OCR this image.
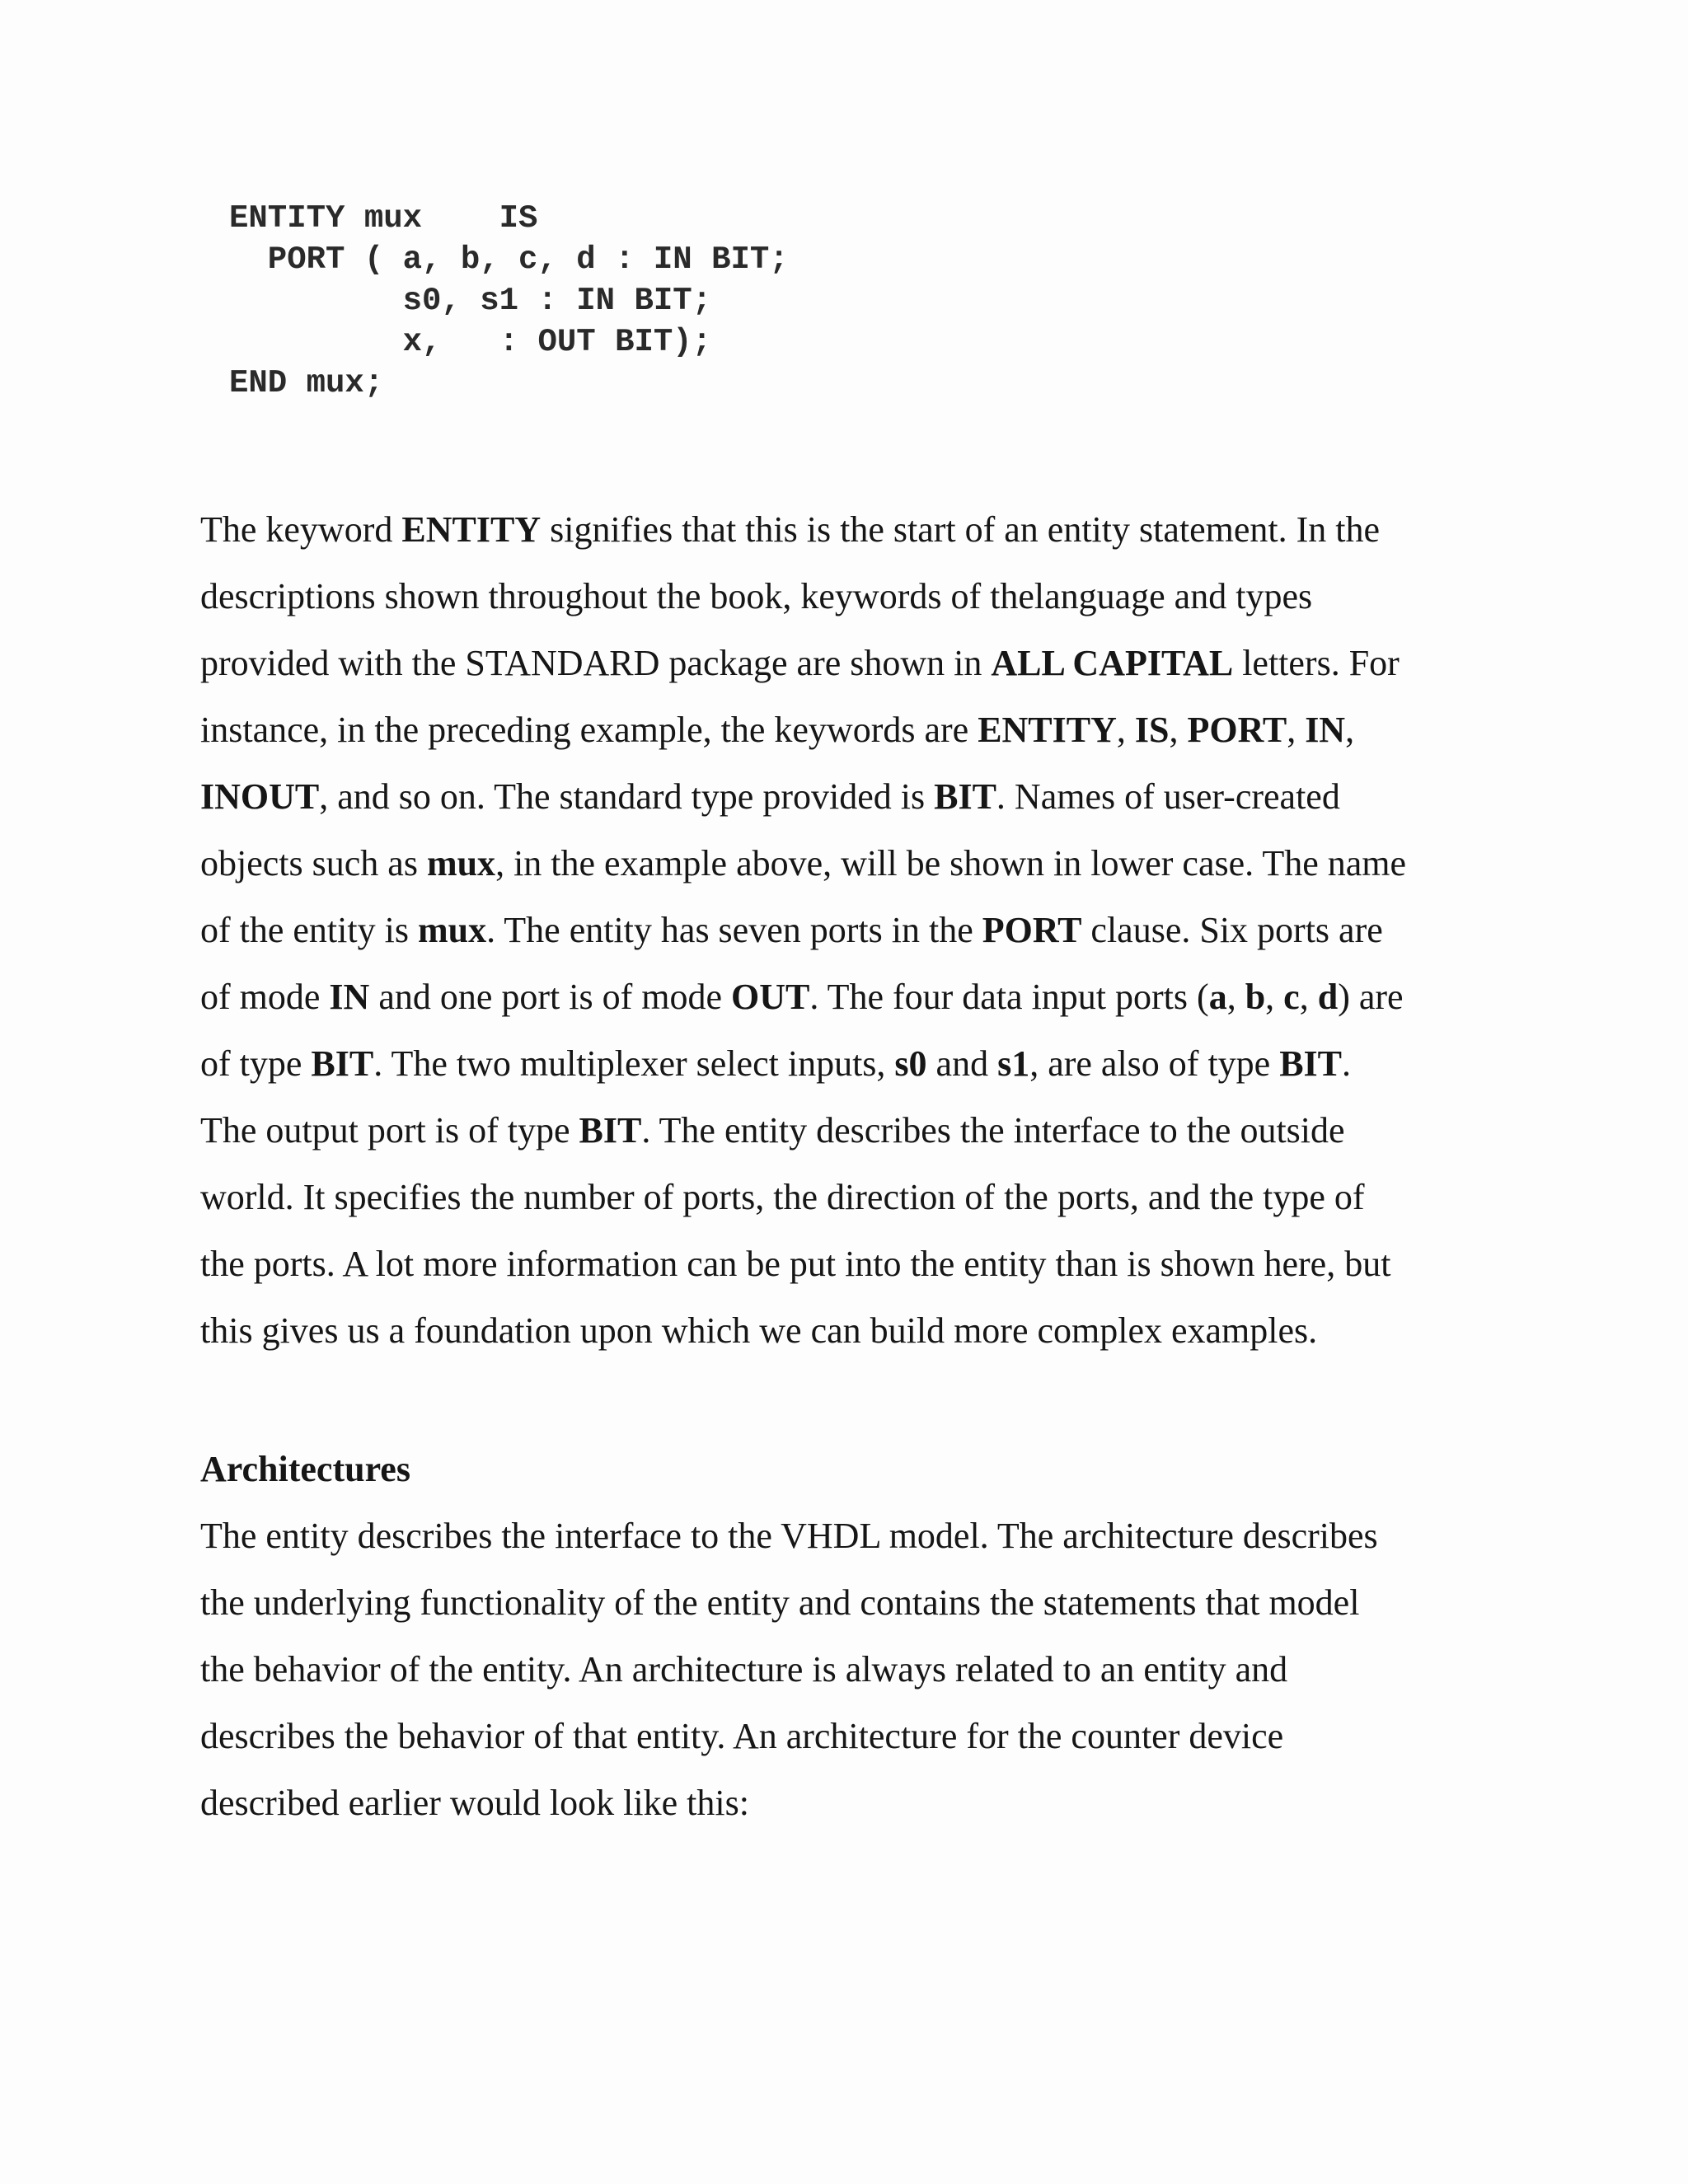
ENTITY mux    IS
PORT ( a, b, c, d : IN BIT;
s0, s1 : IN BIT;
x,   : OUT BIT);
END mux;
The keyword ENTITY signifies that this is the start of an entity statement. In the
descriptions shown throughout the book, keywords of thelanguage and types
provided with the STANDARD package are shown in ALL CAPITAL letters. For
instance, in the preceding example, the keywords are ENTITY, IS, PORT, IN,
INOUT, and so on. The standard type provided is BIT. Names of user-created
objects such as mux, in the example above, will be shown in lower case. The name
of the entity is mux. The entity has seven ports in the PORT clause. Six ports are
of mode IN and one port is of mode OUT. The four data input ports (a, b, c, d) are
of type BIT. The two multiplexer select inputs, s0 and s1, are also of type BIT.
The output port is of type BIT. The entity describes the interface to the outside
world. It specifies the number of ports, the direction of the ports, and the type of
the ports. A lot more information can be put into the entity than is shown here, but
this gives us a foundation upon which we can build more complex examples.
Architectures
The entity describes the interface to the VHDL model. The architecture describes
the underlying functionality of the entity and contains the statements that model
the behavior of the entity. An architecture is always related to an entity and
describes the behavior of that entity. An architecture for the counter device
described earlier would look like this:
